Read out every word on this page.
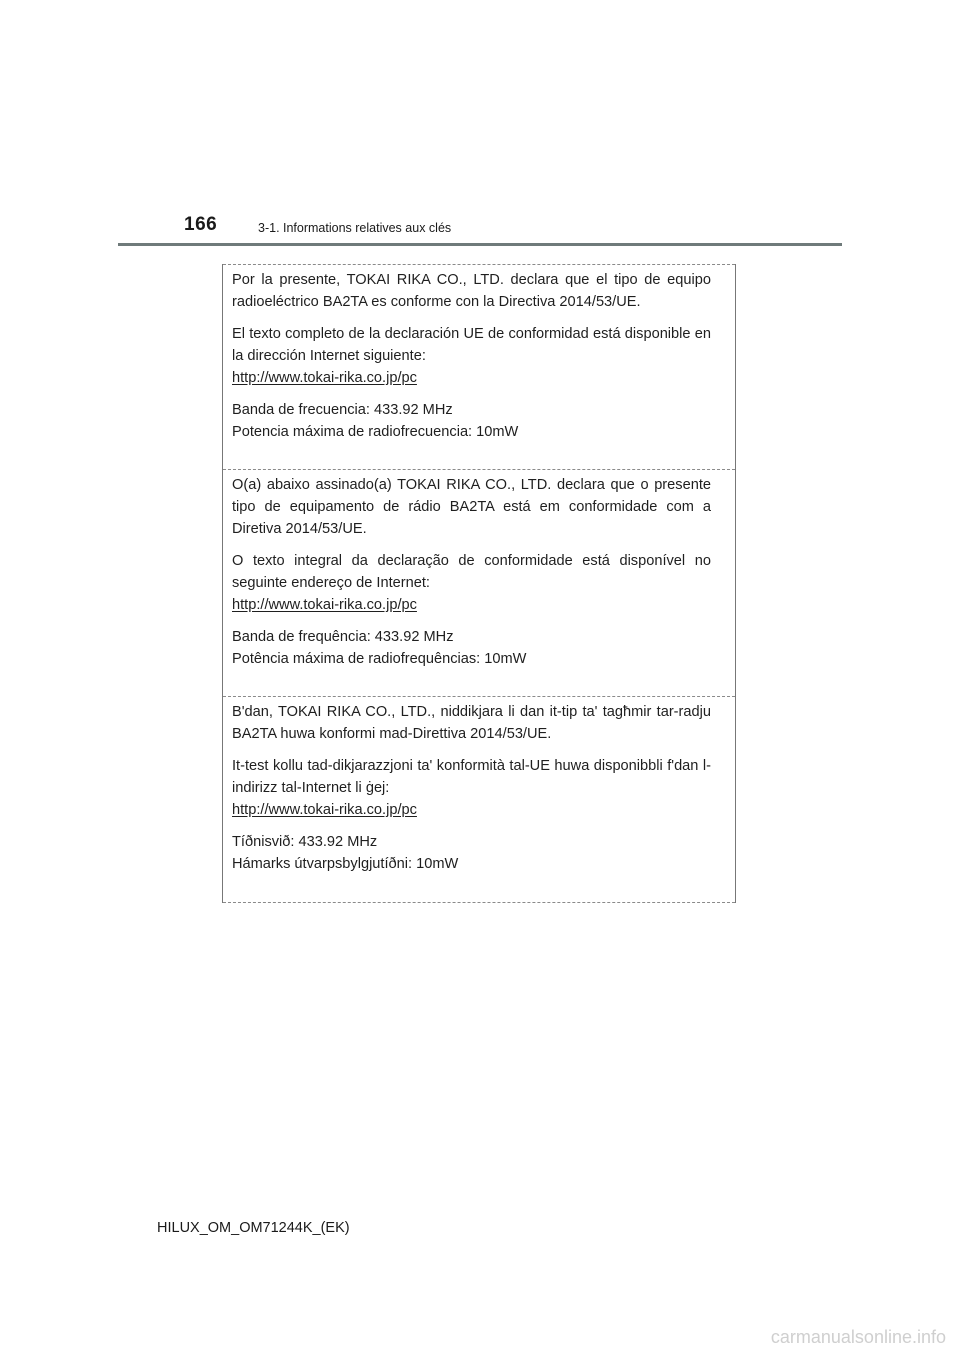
166	3-1. Informations relatives aux clés

Por la presente, TOKAI RIKA CO., LTD. declara que el tipo de equipo radioeléctrico BA2TA es conforme con la Directiva 2014/53/UE.

El texto completo de la declaración UE de conformidad está disponible en la dirección Internet siguiente:
http://www.tokai-rika.co.jp/pc

Banda de frecuencia: 433.92 MHz
Potencia máxima de radiofrecuencia: 10mW

O(a) abaixo assinado(a) TOKAI RIKA CO., LTD. declara que o presente tipo de equipamento de rádio BA2TA está em conformidade com a Diretiva 2014/53/UE.

O texto integral da declaração de conformidade está disponível no seguinte endereço de Internet:
http://www.tokai-rika.co.jp/pc

Banda de frequência: 433.92 MHz
Potência máxima de radiofrequências: 10mW

B'dan, TOKAI RIKA CO., LTD., niddikjara li dan it-tip ta' tagħmir tar-radju BA2TA huwa konformi mad-Direttiva 2014/53/UE.

It-test kollu tad-dikjarazzjoni ta' konformità tal-UE huwa disponibbli f'dan l-indirizz tal-Internet li ġej:
http://www.tokai-rika.co.jp/pc

Tíðnisvið: 433.92 MHz
Hámarks útvarpsbylgjutíðni: 10mW

HILUX_OM_OM71244K_(EK)
carmanualsonline.info
